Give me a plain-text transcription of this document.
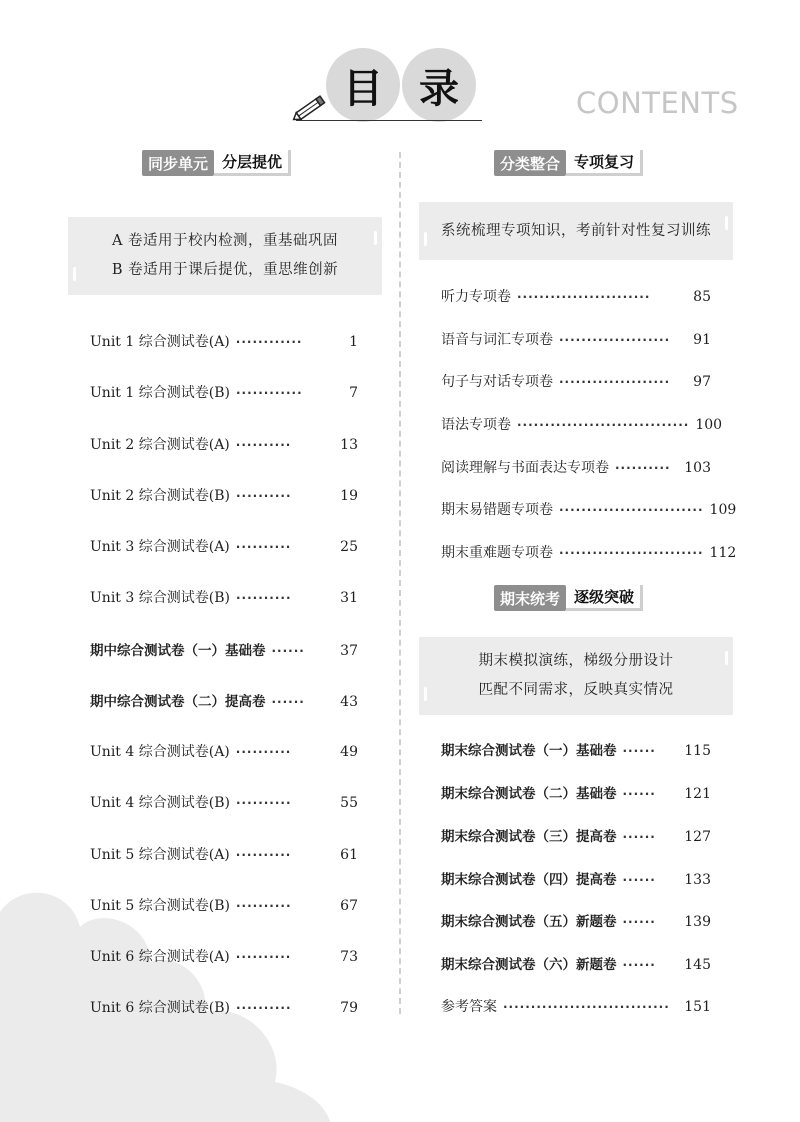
目 录	CONTENTS
同步单元 分层提优
A 卷适用于校内检测，重基础巩固
B 卷适用于课后提优，重思维创新
Unit 1 综合测试卷(A) ············	1
Unit 1 综合测试卷(B) ············	7
Unit 2 综合测试卷(A) ··········	13
Unit 2 综合测试卷(B) ··········	19
Unit 3 综合测试卷(A) ··········	25
Unit 3 综合测试卷(B) ··········	31
期中综合测试卷（一）基础卷 ······	37
期中综合测试卷（二）提高卷 ······	43
Unit 4 综合测试卷(A) ··········	49
Unit 4 综合测试卷(B) ··········	55
Unit 5 综合测试卷(A) ··········	61
Unit 5 综合测试卷(B) ··········	67
Unit 6 综合测试卷(A) ··········	73
Unit 6 综合测试卷(B) ··········	79
分类整合 专项复习
系统梳理专项知识，考前针对性复习训练
听力专项卷 ························	85
语音与词汇专项卷 ····················	91
句子与对话专项卷 ····················	97
语法专项卷 ······························· 100
阅读理解与书面表达专项卷 ·········· 103
期末易错题专项卷 ·························· 109
期末重难题专项卷 ·························· 112
期末统考 逐级突破
期末模拟演练，梯级分册设计
匹配不同需求，反映真实情况
期末综合测试卷（一）基础卷 ······	115
期末综合测试卷（二）基础卷 ······	121
期末综合测试卷（三）提高卷 ······	127
期末综合测试卷（四）提高卷 ······	133
期末综合测试卷（五）新题卷 ······	139
期末综合测试卷（六）新题卷 ······	145
参考答案 ······························	151
